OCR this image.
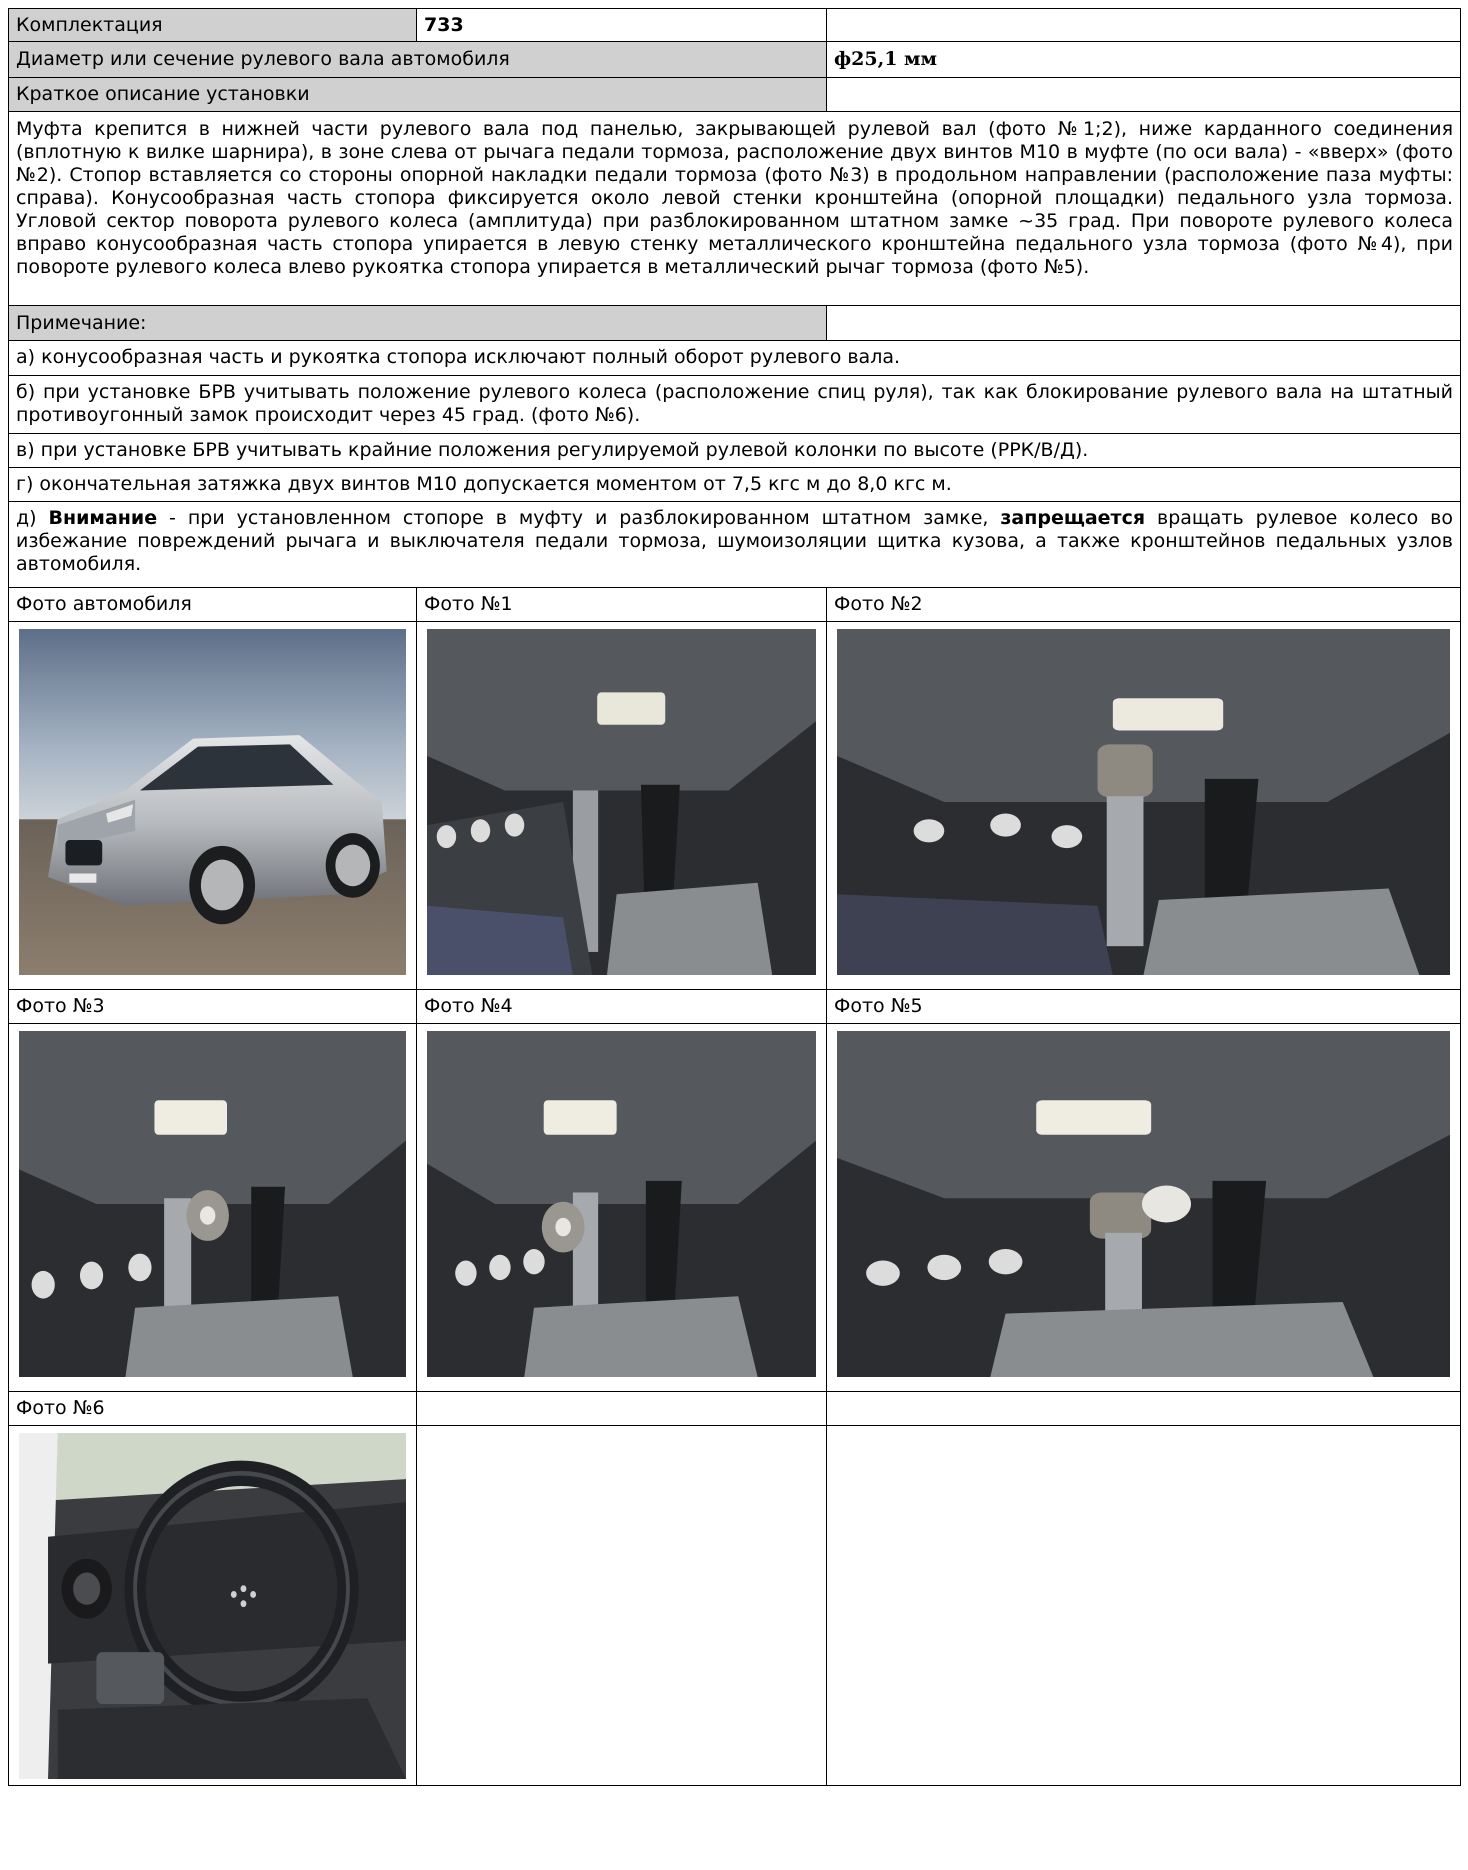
Комплектация	733	
Диаметр или сечение рулевого вала автомобиля		ф25,1 мм
Краткое описание установки		
Муфта крепится в нижней части рулевого вала под панелью, закрывающей рулевой вал (фото №1;2), ниже карданного соединения (вплотную к вилке шарнира), в зоне слева от рычага педали тормоза, расположение двух винтов М10 в муфте (по оси вала) - «вверх» (фото №2). Стопор вставляется со стороны опорной накладки педали тормоза (фото №3) в продольном направлении (расположение паза муфты: справа). Конусообразная часть стопора фиксируется около левой стенки кронштейна (опорной площадки) педального узла тормоза. Угловой сектор поворота рулевого колеса (амплитуда) при разблокированном штатном замке ~35 град. При повороте рулевого колеса вправо конусообразная часть стопора упирается в левую стенку металлического кронштейна педального узла тормоза (фото №4), при повороте рулевого колеса влево рукоятка стопора упирается в металлический рычаг тормоза (фото №5).		
Примечание:		
а) конусообразная часть и рукоятка стопора исключают полный оборот рулевого вала.		
б) при установке БРВ учитывать положение рулевого колеса (расположение спиц руля), так как блокирование рулевого вала на штатный противоугонный замок происходит через 45 град. (фото №6).		
в) при установке БРВ учитывать крайние положения регулируемой рулевой колонки по высоте (РРК/В/Д).		
г) окончательная затяжка двух винтов М10 допускается моментом от 7,5 кгс м до 8,0 кгс м.		
д) Внимание - при установленном стопоре в муфту и разблокированном штатном замке, запрещается вращать рулевое колесо во избежание повреждений рычага и выключателя педали тормоза, шумоизоляции щитка кузова, а также кронштейнов педальных узлов автомобиля.		
Фото автомобиля	Фото №1	Фото №2

Фото №3	Фото №4	Фото №5

Фото №6		
